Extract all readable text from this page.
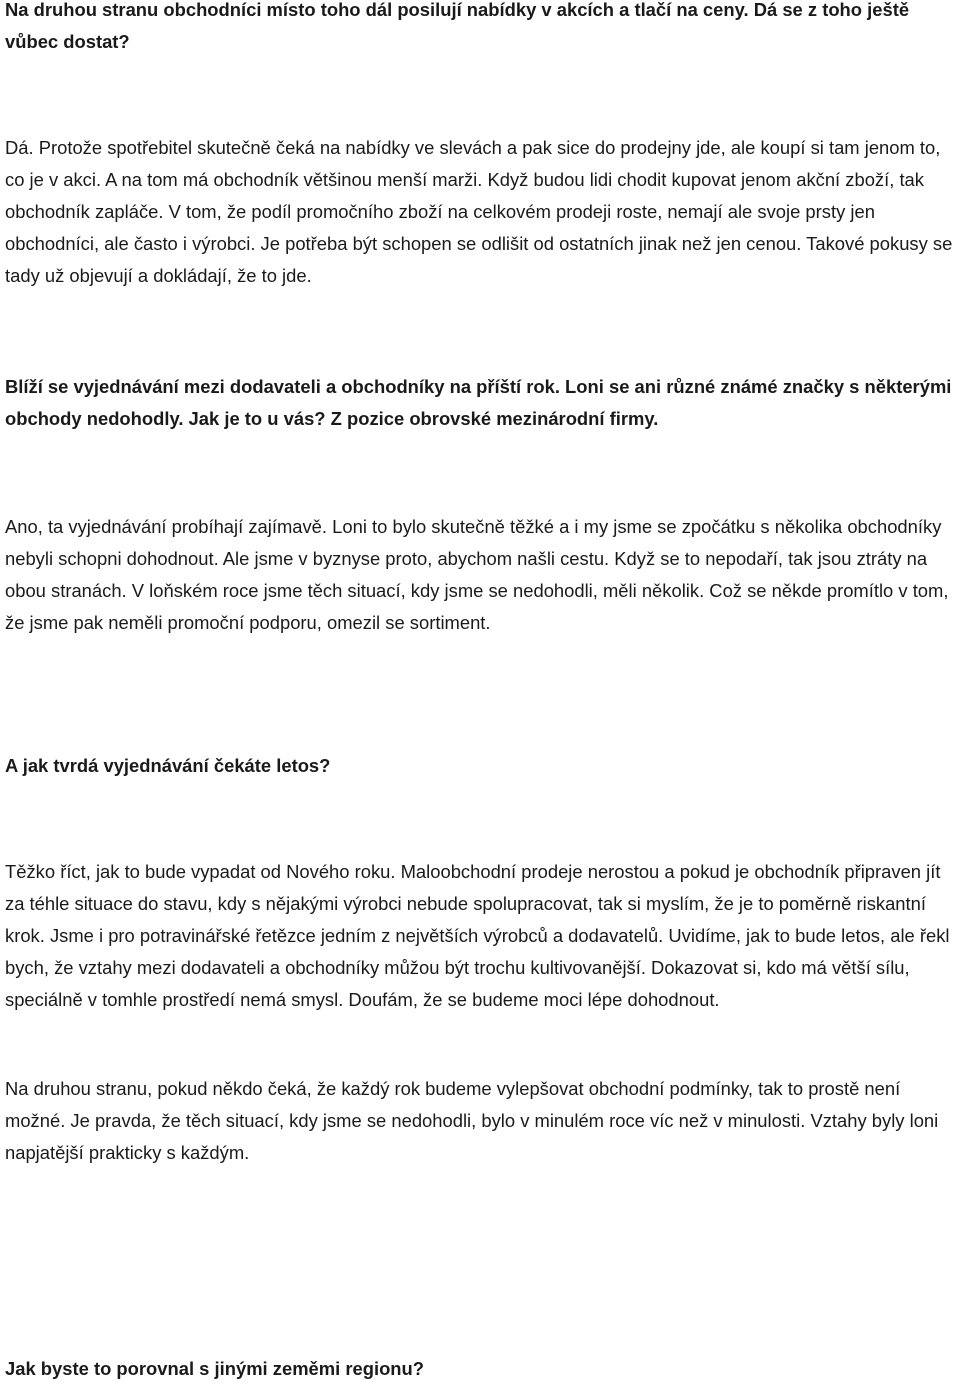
Na druhou stranu obchodníci místo toho dál posilují nabídky v akcích a tlačí na ceny. Dá se z toho ještě vůbec dostat?

Dá. Protože spotřebitel skutečně čeká na nabídky ve slevách a pak sice do prodejny jde, ale koupí si tam jenom to, co je v akci. A na tom má obchodník většinou menší marži. Když budou lidi chodit kupovat jenom akční zboží, tak obchodník zapláče. V tom, že podíl promočního zboží na celkovém prodeji roste, nemají ale svoje prsty jen obchodníci, ale často i výrobci. Je potřeba být schopen se odlišit od ostatních jinak než jen cenou. Takové pokusy se tady už objevují a dokládají, že to jde.

Blíží se vyjednávání mezi dodavateli a obchodníky na příští rok. Loni se ani různé známé značky s některými obchody nedohodly. Jak je to u vás? Z pozice obrovské mezinárodní firmy.

Ano, ta vyjednávání probíhají zajímavě. Loni to bylo skutečně těžké a i my jsme se zpočátku s několika obchodníky nebyli schopni dohodnout. Ale jsme v byznyse proto, abychom našli cestu. Když se to nepodaří, tak jsou ztráty na obou stranách. V loňském roce jsme těch situací, kdy jsme se nedohodli, měli několik. Což se někde promítlo v tom, že jsme pak neměli promoční podporu, omezil se sortiment.

A jak tvrdá vyjednávání čekáte letos?

Těžko říct, jak to bude vypadat od Nového roku. Maloobchodní prodeje nerostou a pokud je obchodník připraven jít za téhle situace do stavu, kdy s nějakými výrobci nebude spolupracovat, tak si myslím, že je to poměrně riskantní krok. Jsme i pro potravinářské řetězce jedním z největších výrobců a dodavatelů. Uvidíme, jak to bude letos, ale řekl bych, že vztahy mezi dodavateli a obchodníky můžou být trochu kultivovanější. Dokazovat si, kdo má větší sílu, speciálně v tomhle prostředí nemá smysl. Doufám, že se budeme moci lépe dohodnout.

Na druhou stranu, pokud někdo čeká, že každý rok budeme vylepšovat obchodní podmínky, tak to prostě není možné. Je pravda, že těch situací, kdy jsme se nedohodli, bylo v minulém roce víc než v minulosti. Vztahy byly loni napjatější prakticky s každým.

Jak byste to porovnal s jinými zeměmi regionu?
